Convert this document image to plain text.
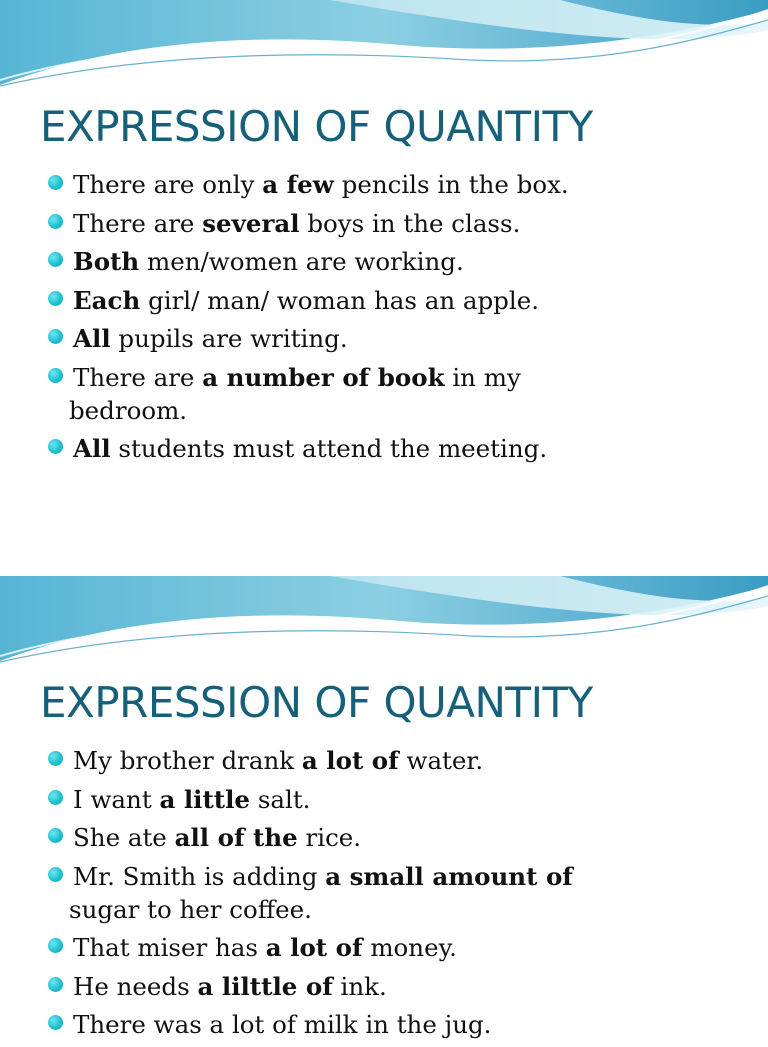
EXPRESSION OF QUANTITY
There are only a few pencils in the box.
There are several boys in the class.
Both men/women are working.
Each girl/ man/ woman has an apple.
All pupils are writing.
There are a number of book in my
bedroom.
All students must attend the meeting.
EXPRESSION OF QUANTITY
My brother drank a lot of water.
I want a little salt.
She ate all of the rice.
Mr. Smith is adding a small amount of
sugar to her coffee.
That miser has a lot of money.
He needs a lilttle of ink.
There was a lot of milk in the jug.
